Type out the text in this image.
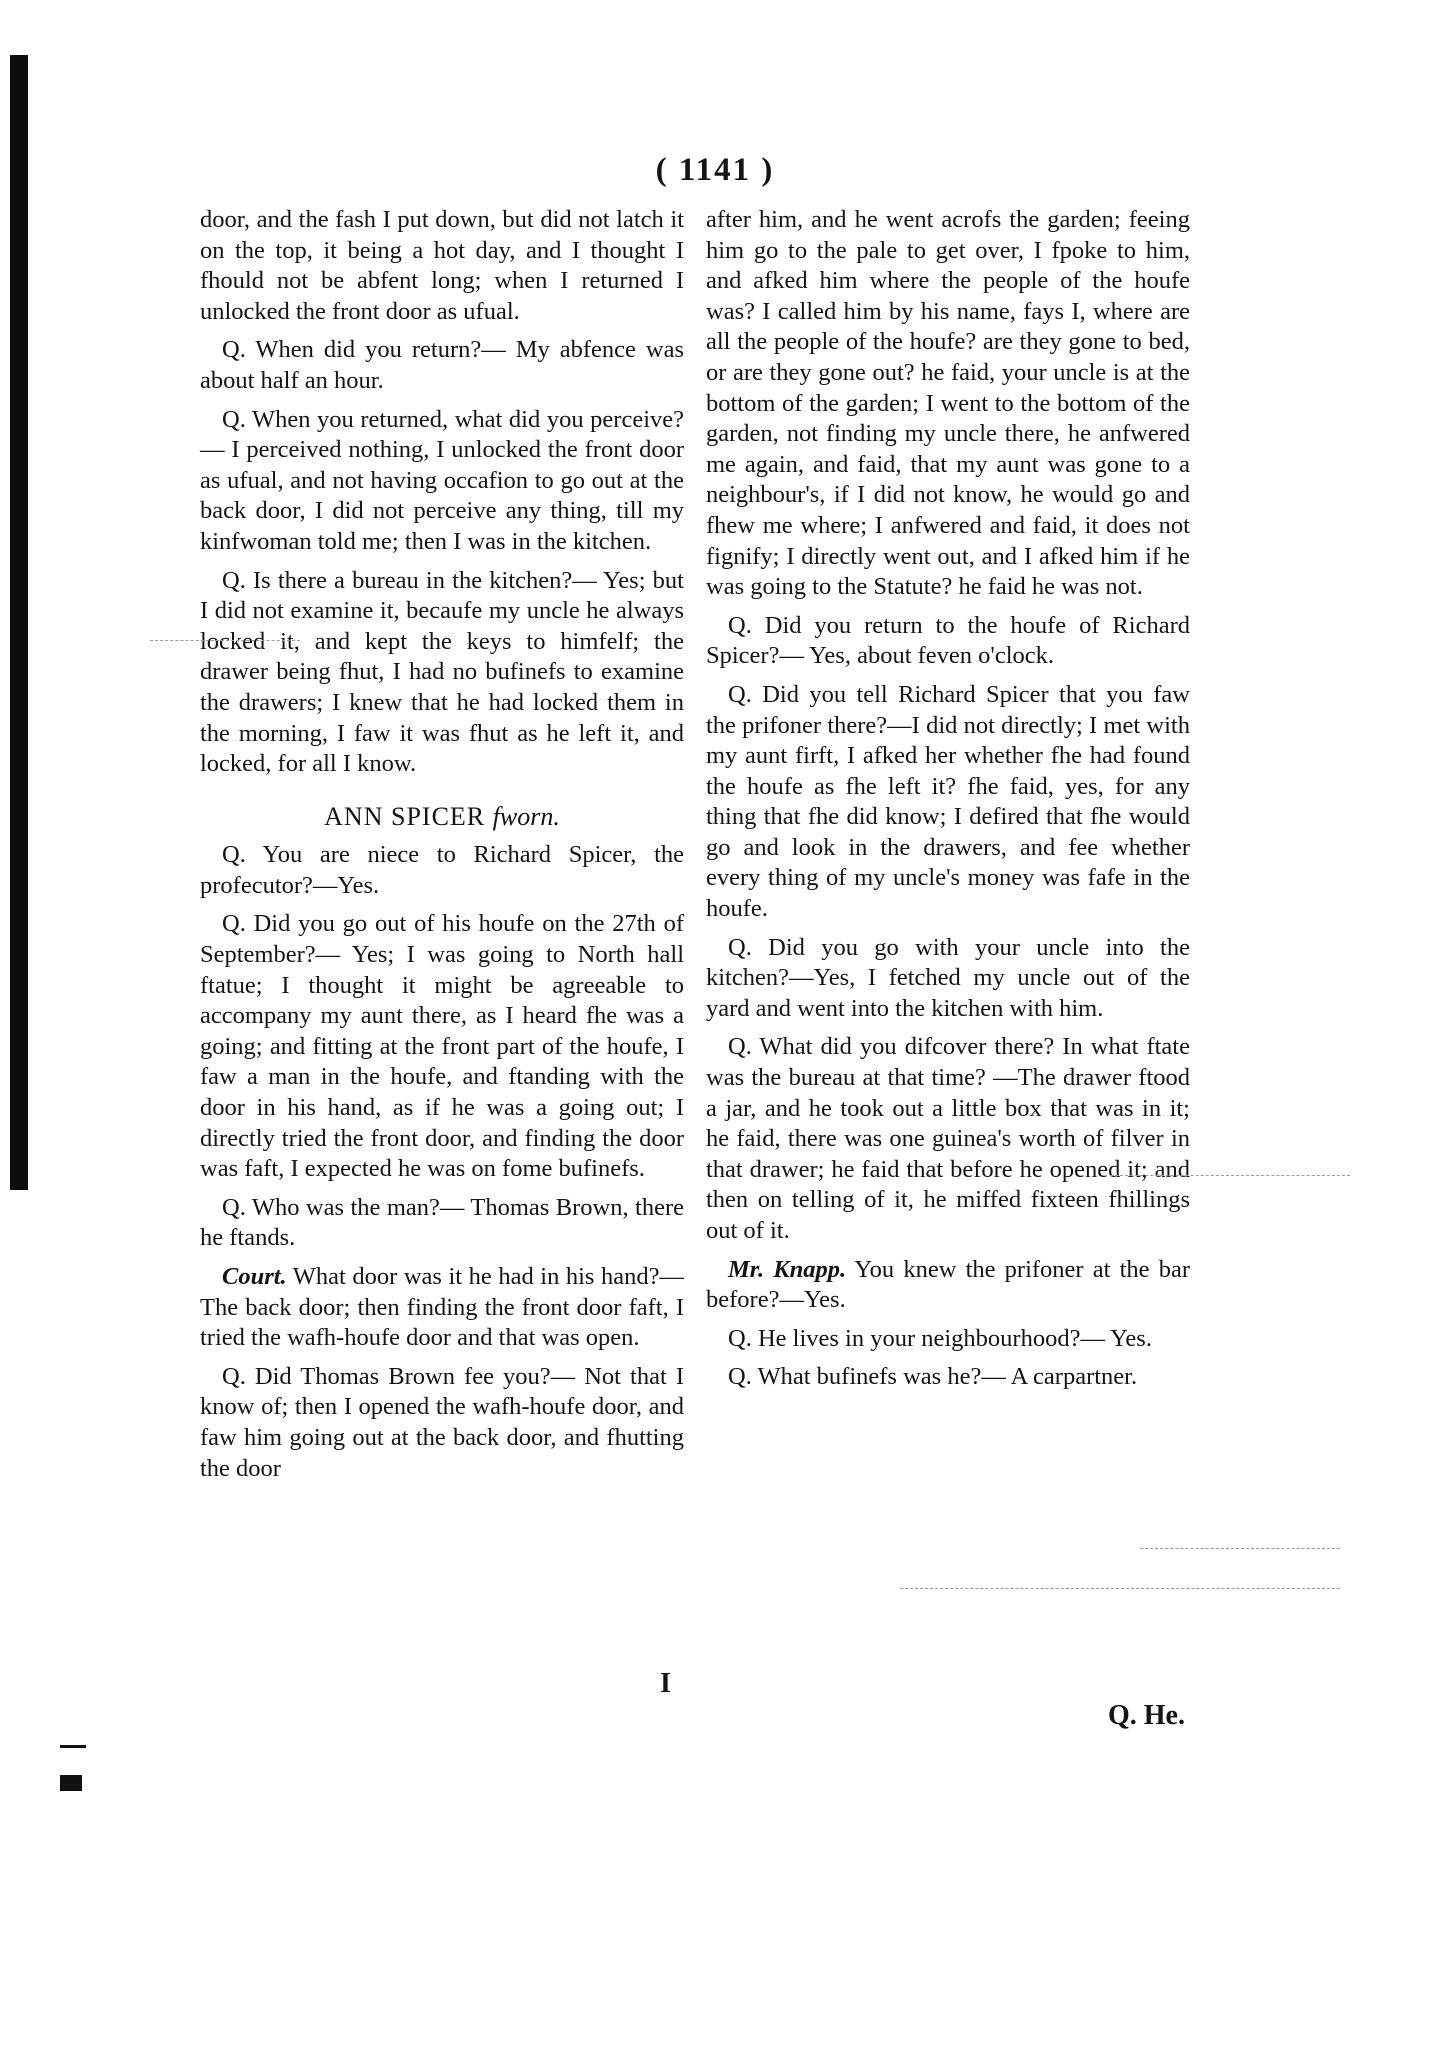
( 1141 )

door, and the fash I put down, but did not latch it on the top, it being a hot day, and I thought I fhould not be abfent long; when I returned I unlocked the front door as ufual.

Q. When did you return?— My abfence was about half an hour.

Q. When you returned, what did you perceive?— I perceived nothing, I unlocked the front door as ufual, and not having occafion to go out at the back door, I did not perceive any thing, till my kinfwoman told me; then I was in the kitchen.

Q. Is there a bureau in the kitchen?— Yes; but I did not examine it, becaufe my uncle he always locked it, and kept the keys to himfelf; the drawer being fhut, I had no bufinefs to examine the drawers; I knew that he had locked them in the morning, I faw it was fhut as he left it, and locked, for all I know.

ANN SPICER fworn.

Q. You are niece to Richard Spicer, the profecutor?—Yes.

Q. Did you go out of his houfe on the 27th of September?— Yes; I was going to North hall ftatue; I thought it might be agreeable to accompany my aunt there, as I heard fhe was a going; and fitting at the front part of the houfe, I faw a man in the houfe, and ftanding with the door in his hand, as if he was a going out; I directly tried the front door, and finding the door was faft, I expected he was on fome bufinefs.

Q. Who was the man?— Thomas Brown, there he ftands.

Court. What door was it he had in his hand?—The back door; then finding the front door faft, I tried the wafh-houfe door and that was open.

Q. Did Thomas Brown fee you?— Not that I know of; then I opened the wafh-houfe door, and faw him going out at the back door, and fhutting the door

after him, and he went acrofs the garden; feeing him go to the pale to get over, I fpoke to him, and afked him where the people of the houfe was? I called him by his name, fays I, where are all the people of the houfe? are they gone to bed, or are they gone out? he faid, your uncle is at the bottom of the garden; I went to the bottom of the garden, not finding my uncle there, he anfwered me again, and faid, that my aunt was gone to a neighbour's, if I did not know, he would go and fhew me where; I anfwered and faid, it does not fignify; I directly went out, and I afked him if he was going to the Statute? he faid he was not.

Q. Did you return to the houfe of Richard Spicer?— Yes, about feven o'clock.

Q. Did you tell Richard Spicer that you faw the prifoner there?—I did not directly; I met with my aunt firft, I afked her whether fhe had found the houfe as fhe left it? fhe faid, yes, for any thing that fhe did know; I defired that fhe would go and look in the drawers, and fee whether every thing of my uncle's money was fafe in the houfe.

Q. Did you go with your uncle into the kitchen?—Yes, I fetched my uncle out of the yard and went into the kitchen with him.

Q. What did you difcover there? In what ftate was the bureau at that time? —The drawer ftood a jar, and he took out a little box that was in it; he faid, there was one guinea's worth of filver in that drawer; he faid that before he opened it; and then on telling of it, he miffed fixteen fhillings out of it.

Mr. Knapp. You knew the prifoner at the bar before?—Yes.

Q. He lives in your neighbourhood?— Yes.

Q. What bufinefs was he?— A carpartner.

I
Q. He.
